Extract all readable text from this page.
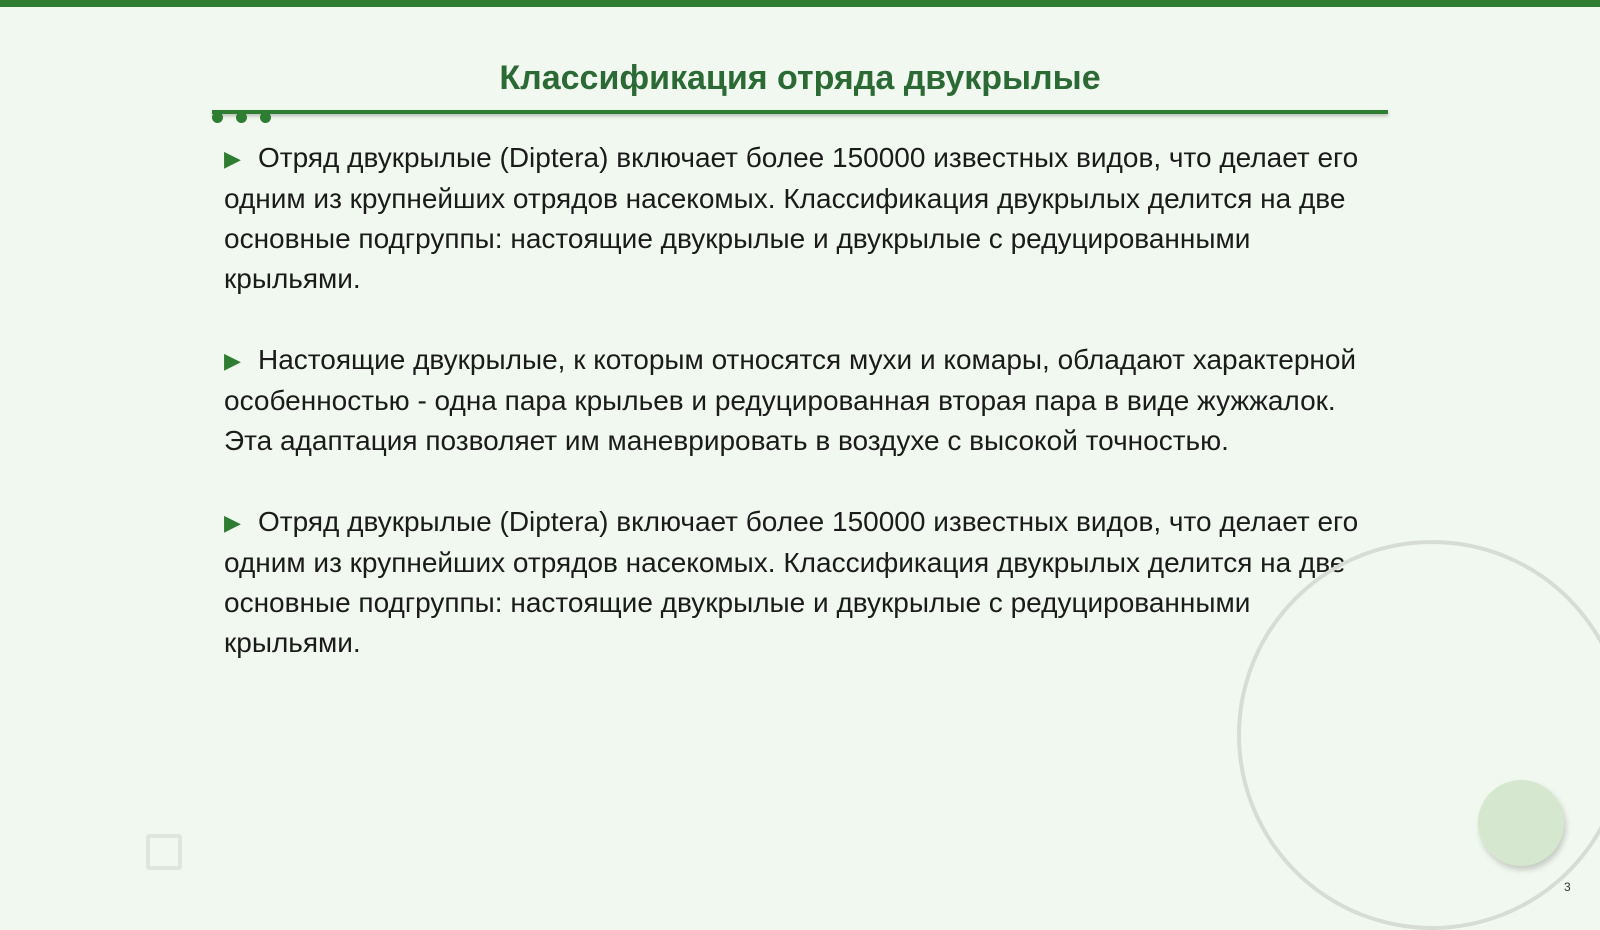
Классификация отряда двукрылые

▶ Отряд двукрылые (Diptera) включает более 150000 известных видов, что делает его одним из крупнейших отрядов насекомых. Классификация двукрылых делится на две основные подгруппы: настоящие двукрылые и двукрылые с редуцированными крыльями.

▶ Настоящие двукрылые, к которым относятся мухи и комары, обладают характерной особенностью - одна пара крыльев и редуцированная вторая пара в виде жужжалок. Эта адаптация позволяет им маневрировать в воздухе с высокой точностью.

▶ Отряд двукрылые (Diptera) включает более 150000 известных видов, что делает его одним из крупнейших отрядов насекомых. Классификация двукрылых делится на две основные подгруппы: настоящие двукрылые и двукрылые с редуцированными крыльями.

3
